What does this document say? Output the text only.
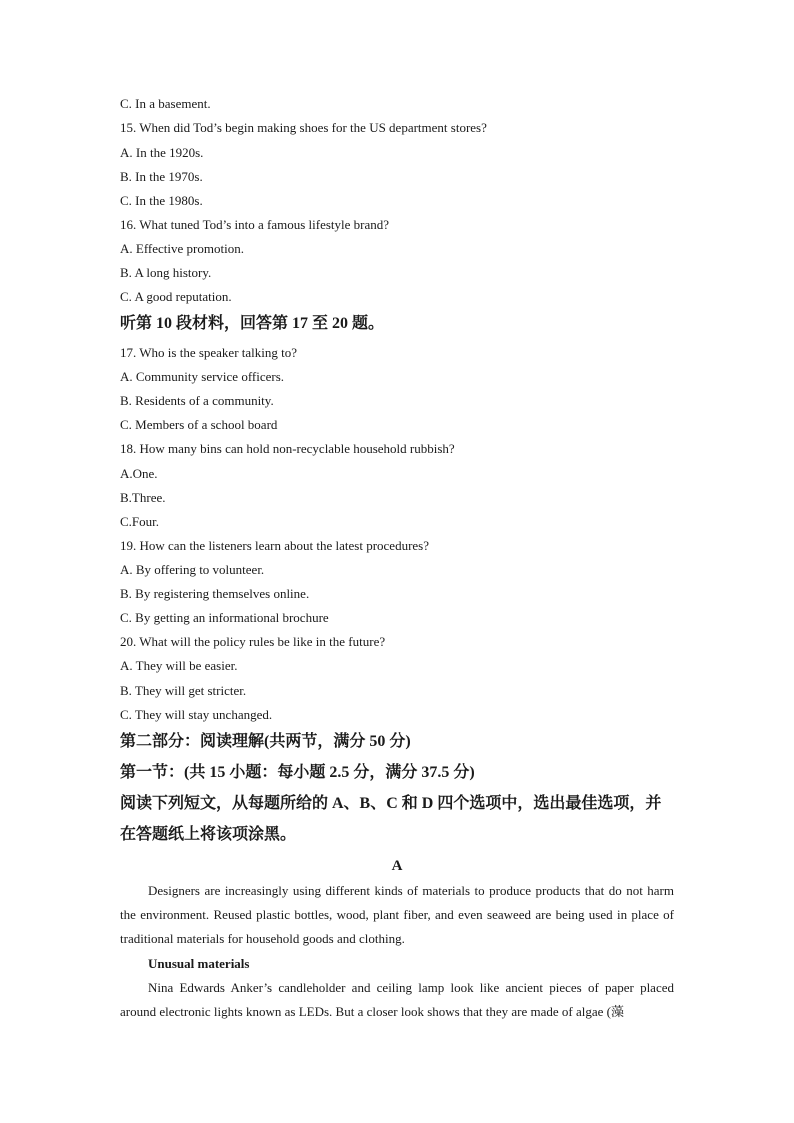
C. In a basement.
15. When did Tod’s begin making shoes for the US department stores?
A. In the 1920s.
B. In the 1970s.
C. In the 1980s.
16. What tuned Tod’s into a famous lifestyle brand?
A. Effective promotion.
B. A long history.
C. A good reputation.
听第 10 段材料，回答第 17 至 20 题。
17. Who is the speaker talking to?
A. Community service officers.
B. Residents of a community.
C. Members of a school board
18. How many bins can hold non-recyclable household rubbish?
A.One.
B.Three.
C.Four.
19. How can the listeners learn about the latest procedures?
A. By offering to volunteer.
B. By registering themselves online.
C. By getting an informational brochure
20. What will the policy rules be like in the future?
A. They will be easier.
B. They will get stricter.
C. They will stay unchanged.
第二部分：阅读理解(共两节，满分 50 分)
第一节：(共 15 小题：每小题 2.5 分，满分 37.5 分)
阅读下列短文，从每题所给的 A、B、C 和 D 四个选项中，选出最佳选项，并
在答题纸上将该项涂黑。
A
Designers are increasingly using different kinds of materials to produce products that do not harm the environment. Reused plastic bottles, wood, plant fiber, and even seaweed are being used in place of traditional materials for household goods and clothing.
Unusual materials
Nina Edwards Anker’s candleholder and ceiling lamp look like ancient pieces of paper placed around electronic lights known as LEDs. But a closer look shows that they are made of algae (藻
